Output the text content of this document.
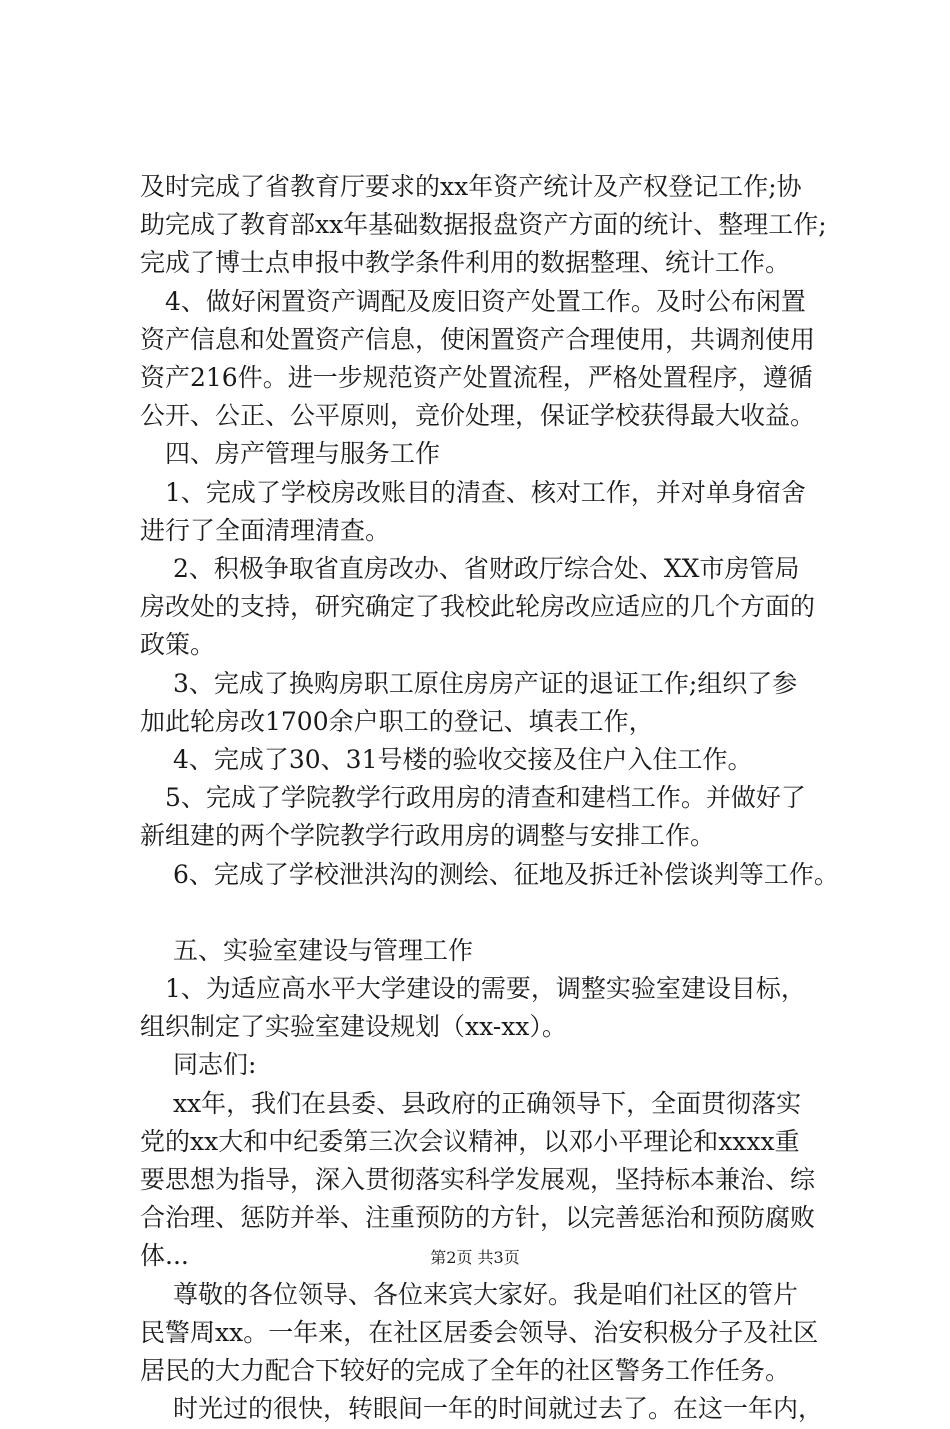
及时完成了省教育厅要求的xx年资产统计及产权登记工作;协

助完成了教育部xx年基础数据报盘资产方面的统计、整理工作;

完成了博士点申报中教学条件利用的数据整理、统计工作。

　4、做好闲置资产调配及废旧资产处置工作。及时公布闲置

资产信息和处置资产信息，使闲置资产合理使用，共调剂使用

资产216件。进一步规范资产处置流程，严格处置程序，遵循

公开、公正、公平原则，竞价处理，保证学校获得最大收益。

　四、房产管理与服务工作

　1、完成了学校房改账目的清查、核对工作，并对单身宿舍

进行了全面清理清查。

　 2、积极争取省直房改办、省财政厅综合处、XX市房管局

房改处的支持，研究确定了我校此轮房改应适应的几个方面的

政策。

　 3、完成了换购房职工原住房房产证的退证工作;组织了参

加此轮房改1700余户职工的登记、填表工作，

　 4、完成了30、31号楼的验收交接及住户入住工作。

　5、完成了学院教学行政用房的清查和建档工作。并做好了

新组建的两个学院教学行政用房的调整与安排工作。

　 6、完成了学校泄洪沟的测绘、征地及拆迁补偿谈判等工作。

　 五、实验室建设与管理工作

　1、为适应高水平大学建设的需要，调整实验室建设目标，

组织制定了实验室建设规划（xx-xx）。

　 同志们:

　 xx年，我们在县委、县政府的正确领导下，全面贯彻落实

党的xx大和中纪委第三次会议精神，以邓小平理论和xxxx重

要思想为指导，深入贯彻落实科学发展观，坚持标本兼治、综

合治理、惩防并举、注重预防的方针，以完善惩治和预防腐败

体...

　 尊敬的各位领导、各位来宾大家好。我是咱们社区的管片

民警周xx。一年来，在社区居委会领导、治安积极分子及社区

居民的大力配合下较好的完成了全年的社区警务工作任务。

　 时光过的很快，转眼间一年的时间就过去了。在这一年内，

第2页 共3页
